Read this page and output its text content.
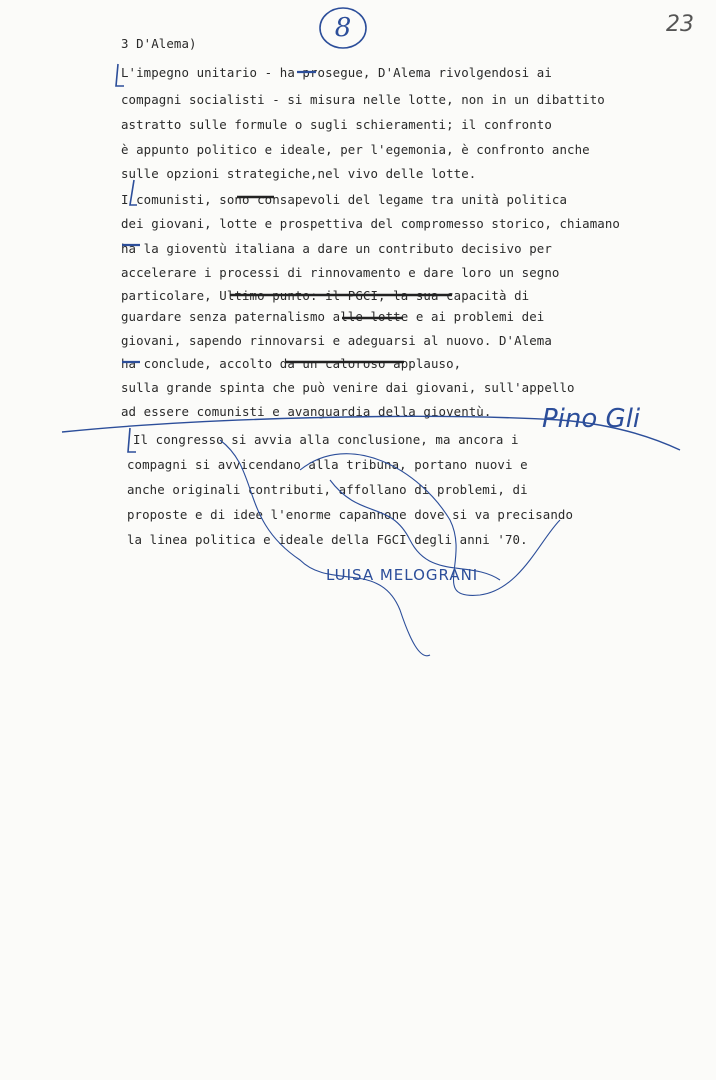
23
8

3 D'Alema)

L'impegno unitario - ha prosegue, D'Alema rivolgendosi ai

compagni socialisti - si misura nelle lotte, non in un dibattito

astratto sulle formule o sugli schieramenti; il confronto

è appunto politico e ideale, per l'egemonia, è confronto anche

sulle opzioni strategiche,nel vivo delle lotte.

I comunisti, sono consapevoli del legame tra unità politica

dei giovani, lotte e prospettiva del compromesso storico, chiamano

ha la gioventù italiana a dare un contributo decisivo per

accelerare i processi di rinnovamento e dare loro un segno

particolare, Ultimo punto: il PGCI, la sua capacità di

guardare senza paternalismo alle lotte e ai problemi dei

giovani, sapendo rinnovarsi e adeguarsi al nuovo. D'Alema

ha conclude, accolto da un caloroso applauso,

sulla grande spinta che può venire dai giovani, sull'appello

ad essere comunisti e avanguardia della gioventù.

Il congresso si avvia alla conclusione, ma ancora i

compagni si avvicendano alla tribuna, portano nuovi e

anche originali contributi, affollano di problemi, di

proposte e di idee l'enorme capannone dove si va precisando

la linea politica e ideale della FGCI degli anni '70.

Pino Gli
LUISA MELOGRANI
